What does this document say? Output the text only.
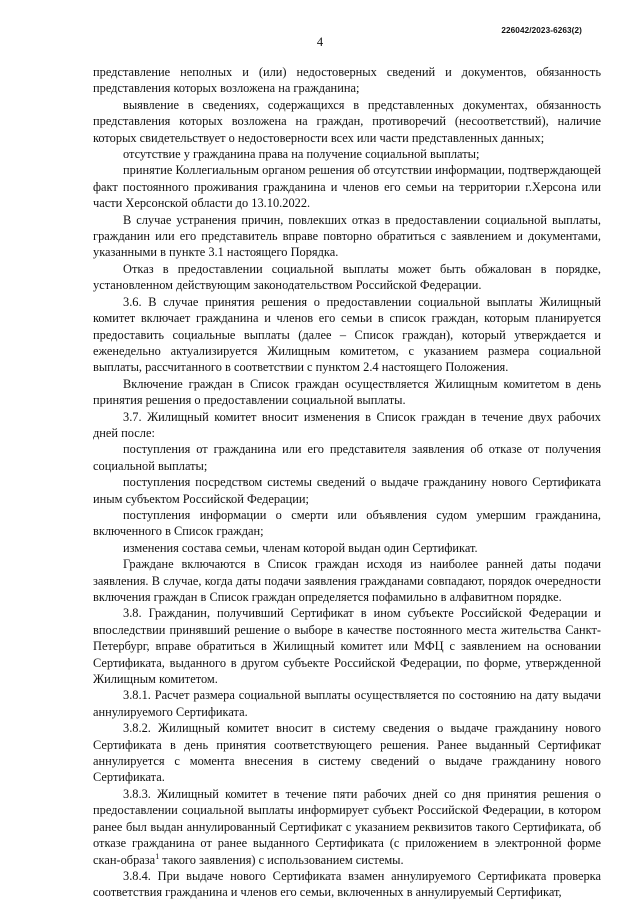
226042/2023-6263(2)
4

представление неполных и (или) недостоверных сведений и документов, обязанность представления которых возложена на гражданина;

выявление в сведениях, содержащихся в представленных документах, обязанность представления которых возложена на граждан, противоречий (несоответствий), наличие которых свидетельствует о недостоверности всех или части представленных данных;

отсутствие у гражданина права на получение социальной выплаты;

принятие Коллегиальным органом решения об отсутствии информации, подтверждающей факт постоянного проживания гражданина и членов его семьи на территории г.Херсона или части Херсонской области до 13.10.2022.

В случае устранения причин, повлекших отказ в предоставлении социальной выплаты, гражданин или его представитель вправе повторно обратиться с заявлением и документами, указанными в пункте 3.1 настоящего Порядка.

Отказ в предоставлении социальной выплаты может быть обжалован в порядке, установленном действующим законодательством Российской Федерации.

3.6. В случае принятия решения о предоставлении социальной выплаты Жилищный комитет включает гражданина и членов его семьи в список граждан, которым планируется предоставить социальные выплаты (далее – Список граждан), который утверждается и еженедельно актуализируется Жилищным комитетом, с указанием размера социальной выплаты, рассчитанного в соответствии с пунктом 2.4 настоящего Положения.

Включение граждан в Список граждан осуществляется Жилищным комитетом в день принятия решения о предоставлении социальной выплаты.

3.7. Жилищный комитет вносит изменения в Список граждан в течение двух рабочих дней после:

поступления от гражданина или его представителя заявления об отказе от получения социальной выплаты;

поступления посредством системы сведений о выдаче гражданину нового Сертификата иным субъектом Российской Федерации;

поступления информации о смерти или объявления судом умершим гражданина, включенного в Список граждан;

изменения состава семьи, членам которой выдан один Сертификат.

Граждане включаются в Список граждан исходя из наиболее ранней даты подачи заявления. В случае, когда даты подачи заявления гражданами совпадают, порядок очередности включения граждан в Список граждан определяется пофамильно в алфавитном порядке.

3.8. Гражданин, получивший Сертификат в ином субъекте Российской Федерации и впоследствии принявший решение о выборе в качестве постоянного места жительства Санкт-Петербург, вправе обратиться в Жилищный комитет или МФЦ с заявлением на основании Сертификата, выданного в другом субъекте Российской Федерации, по форме, утвержденной Жилищным комитетом.

3.8.1. Расчет размера социальной выплаты осуществляется по состоянию на дату выдачи аннулируемого Сертификата.

3.8.2. Жилищный комитет вносит в систему сведения о выдаче гражданину нового Сертификата в день принятия соответствующего решения. Ранее выданный Сертификат аннулируется с момента внесения в систему сведений о выдаче гражданину нового Сертификата.

3.8.3. Жилищный комитет в течение пяти рабочих дней со дня принятия решения о предоставлении социальной выплаты информирует субъект Российской Федерации, в котором ранее был выдан аннулированный Сертификат с указанием реквизитов такого Сертификата, об отказе гражданина от ранее выданного Сертификата (с приложением в электронной форме скан-образа$^1$ такого заявления) с использованием системы.

3.8.4. При выдаче нового Сертификата взамен аннулируемого Сертификата проверка соответствия гражданина и членов его семьи, включенных в аннулируемый Сертификат,
